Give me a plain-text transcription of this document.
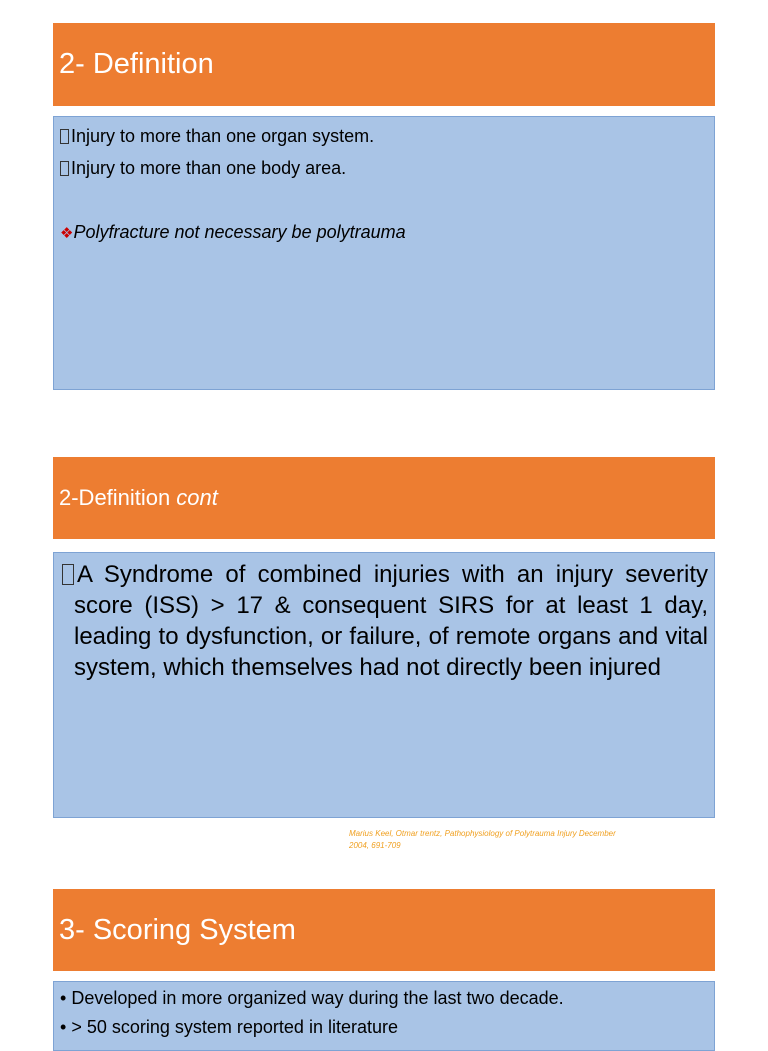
2- Definition
Injury to more than one organ system.
Injury to more than one body area.
❖Polyfracture not necessary be polytrauma
2-Definition cont
A Syndrome of combined injuries with an injury severity score (ISS) > 17 & consequent SIRS for at least 1 day, leading to dysfunction, or failure, of remote organs and vital system, which themselves had not directly been injured
Marius Keel, Otmar trentz, Pathophysiology of Polytrauma Injury December
2004, 691-709
3- Scoring System
• Developed in more organized way during the last two decade.
• > 50 scoring system reported in literature
